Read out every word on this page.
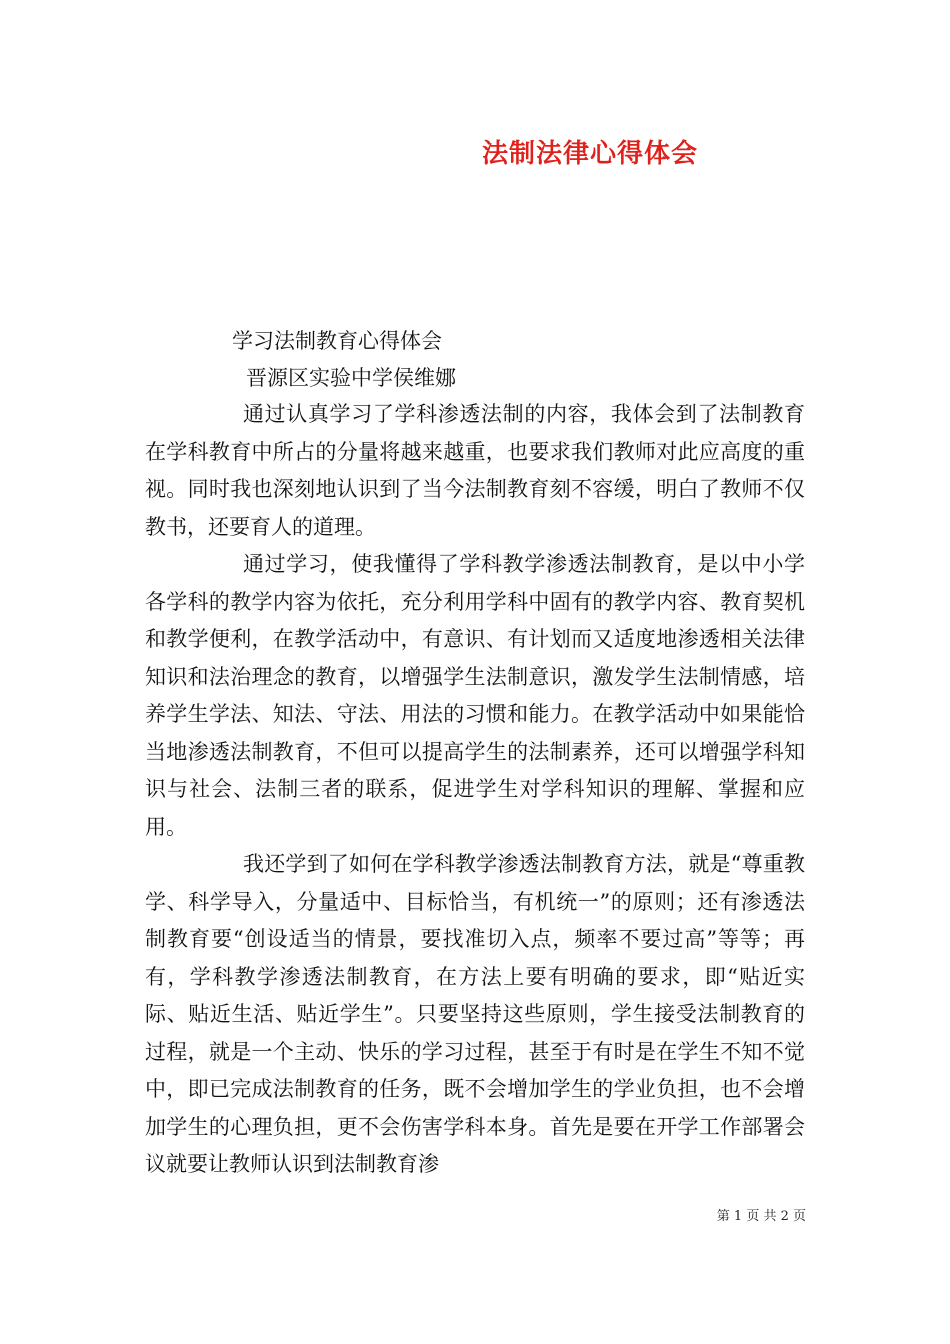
法制法律心得体会
学习法制教育心得体会
晋源区实验中学侯维娜

通过认真学习了学科渗透法制的内容，我体会到了法制教育在学科教育中所占的分量将越来越重，也要求我们教师对此应高度的重视。同时我也深刻地认识到了当今法制教育刻不容缓，明白了教师不仅教书，还要育人的道理。

通过学习，使我懂得了学科教学渗透法制教育，是以中小学各学科的教学内容为依托，充分利用学科中固有的教学内容、教育契机和教学便利，在教学活动中，有意识、有计划而又适度地渗透相关法律知识和法治理念的教育，以增强学生法制意识，激发学生法制情感，培养学生学法、知法、守法、用法的习惯和能力。在教学活动中如果能恰当地渗透法制教育，不但可以提高学生的法制素养，还可以增强学科知识与社会、法制三者的联系，促进学生对学科知识的理解、掌握和应用。

我还学到了如何在学科教学渗透法制教育方法，就是“尊重教学、科学导入，分量适中、目标恰当，有机统一”的原则；还有渗透法制教育要“创设适当的情景，要找准切入点，频率不要过高”等等；再有，学科教学渗透法制教育，在方法上要有明确的要求，即“贴近实际、贴近生活、贴近学生”。只要坚持这些原则，学生接受法制教育的过程，就是一个主动、快乐的学习过程，甚至于有时是在学生不知不觉中，即已完成法制教育的任务，既不会增加学生的学业负担，也不会增加学生的心理负担，更不会伤害学科本身。首先是要在开学工作部署会议就要让教师认识到法制教育渗

第 1 页 共 2 页
